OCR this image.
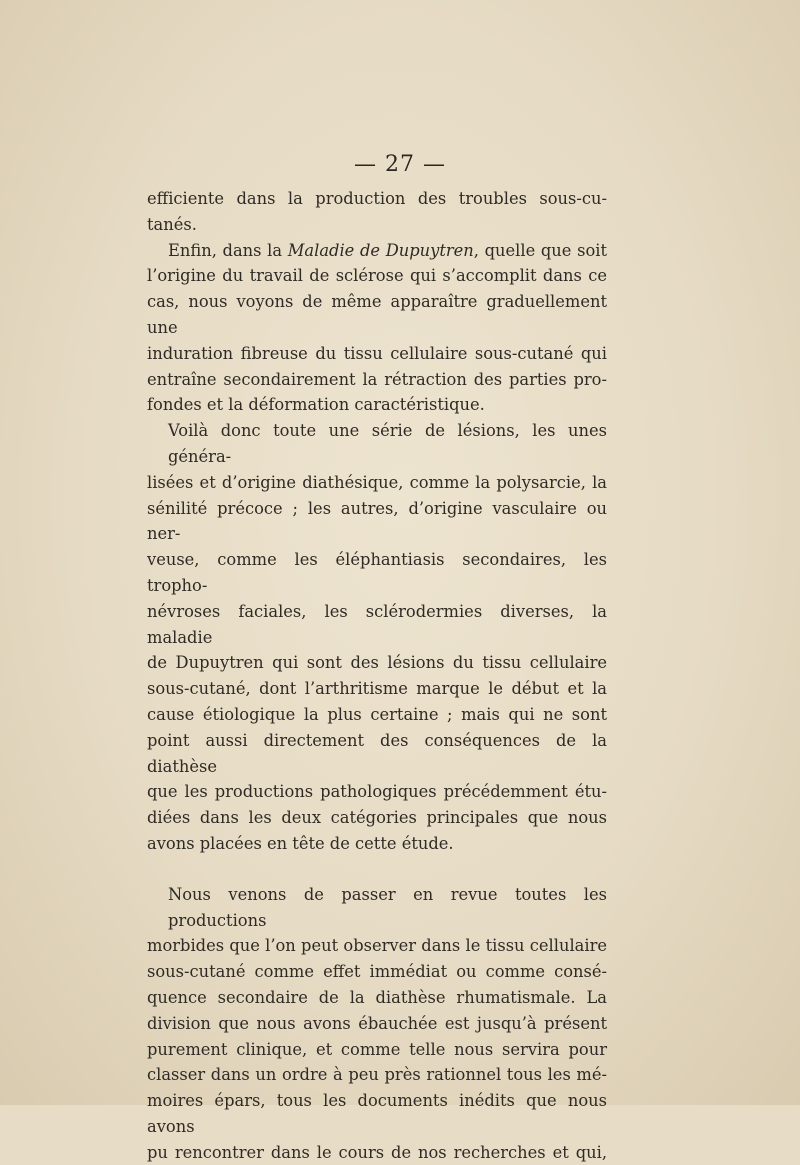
— 27 —

efficiente dans la production des troubles sous-cu-
tanés.

Enfin, dans la Maladie de Dupuytren, quelle que soit
l’origine du travail de sclérose qui s’accomplit dans ce
cas, nous voyons de même apparaître graduellement une
induration fibreuse du tissu cellulaire sous-cutané qui
entraîne secondairement la rétraction des parties pro-
fondes et la déformation caractéristique.

Voilà donc toute une série de lésions, les unes généra-
lisées et d’origine diathésique, comme la polysarcie, la
sénilité précoce ; les autres, d’origine vasculaire ou ner-
veuse, comme les éléphantiasis secondaires, les tropho-
névroses faciales, les sclérodermies diverses, la maladie
de Dupuytren qui sont des lésions du tissu cellulaire
sous-cutané, dont l’arthritisme marque le début et la
cause étiologique la plus certaine ; mais qui ne sont
point aussi directement des conséquences de la diathèse
que les productions pathologiques précédemment étu-
diées dans les deux catégories principales que nous
avons placées en tête de cette étude.

Nous venons de passer en revue toutes les productions
morbides que l’on peut observer dans le tissu cellulaire
sous-cutané comme effet immédiat ou comme consé-
quence secondaire de la diathèse rhumatismale. La
division que nous avons ébauchée est jusqu’à présent
purement clinique, et comme telle nous servira pour
classer dans un ordre à peu près rationnel tous les mé-
moires épars, tous les documents inédits que nous avons
pu rencontrer dans le cours de nos recherches et qui,
